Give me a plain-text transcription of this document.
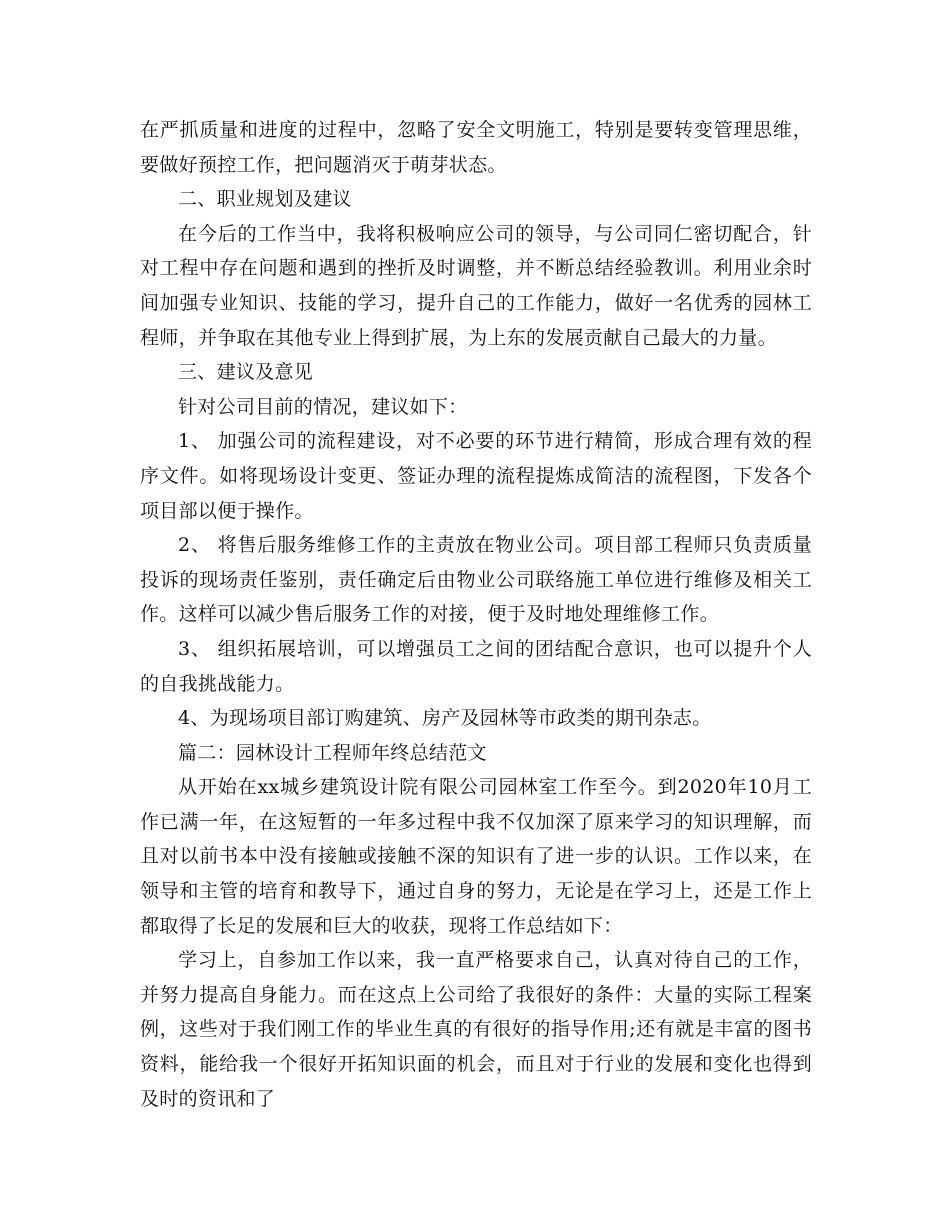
在严抓质量和进度的过程中，忽略了安全文明施工，特别是要转变管理思维，要做好预控工作，把问题消灭于萌芽状态。

二、职业规划及建议

在今后的工作当中，我将积极响应公司的领导，与公司同仁密切配合，针对工程中存在问题和遇到的挫折及时调整，并不断总结经验教训。利用业余时间加强专业知识、技能的学习，提升自己的工作能力，做好一名优秀的园林工程师，并争取在其他专业上得到扩展，为上东的发展贡献自己最大的力量。

三、建议及意见

针对公司目前的情况，建议如下：

1、 加强公司的流程建设，对不必要的环节进行精简，形成合理有效的程序文件。如将现场设计变更、签证办理的流程提炼成简洁的流程图，下发各个项目部以便于操作。

2、 将售后服务维修工作的主责放在物业公司。项目部工程师只负责质量投诉的现场责任鉴别，责任确定后由物业公司联络施工单位进行维修及相关工作。这样可以减少售后服务工作的对接，便于及时地处理维修工作。

3、 组织拓展培训，可以增强员工之间的团结配合意识，也可以提升个人的自我挑战能力。

4、为现场项目部订购建筑、房产及园林等市政类的期刊杂志。

篇二：园林设计工程师年终总结范文

从开始在xx城乡建筑设计院有限公司园林室工作至今。到2020年10月工作已满一年，在这短暂的一年多过程中我不仅加深了原来学习的知识理解，而且对以前书本中没有接触或接触不深的知识有了进一步的认识。工作以来，在领导和主管的培育和教导下，通过自身的努力，无论是在学习上，还是工作上都取得了长足的发展和巨大的收获，现将工作总结如下：

学习上，自参加工作以来，我一直严格要求自己，认真对待自己的工作，并努力提高自身能力。而在这点上公司给了我很好的条件：大量的实际工程案例，这些对于我们刚工作的毕业生真的有很好的指导作用;还有就是丰富的图书资料，能给我一个很好开拓知识面的机会，而且对于行业的发展和变化也得到及时的资讯和了
